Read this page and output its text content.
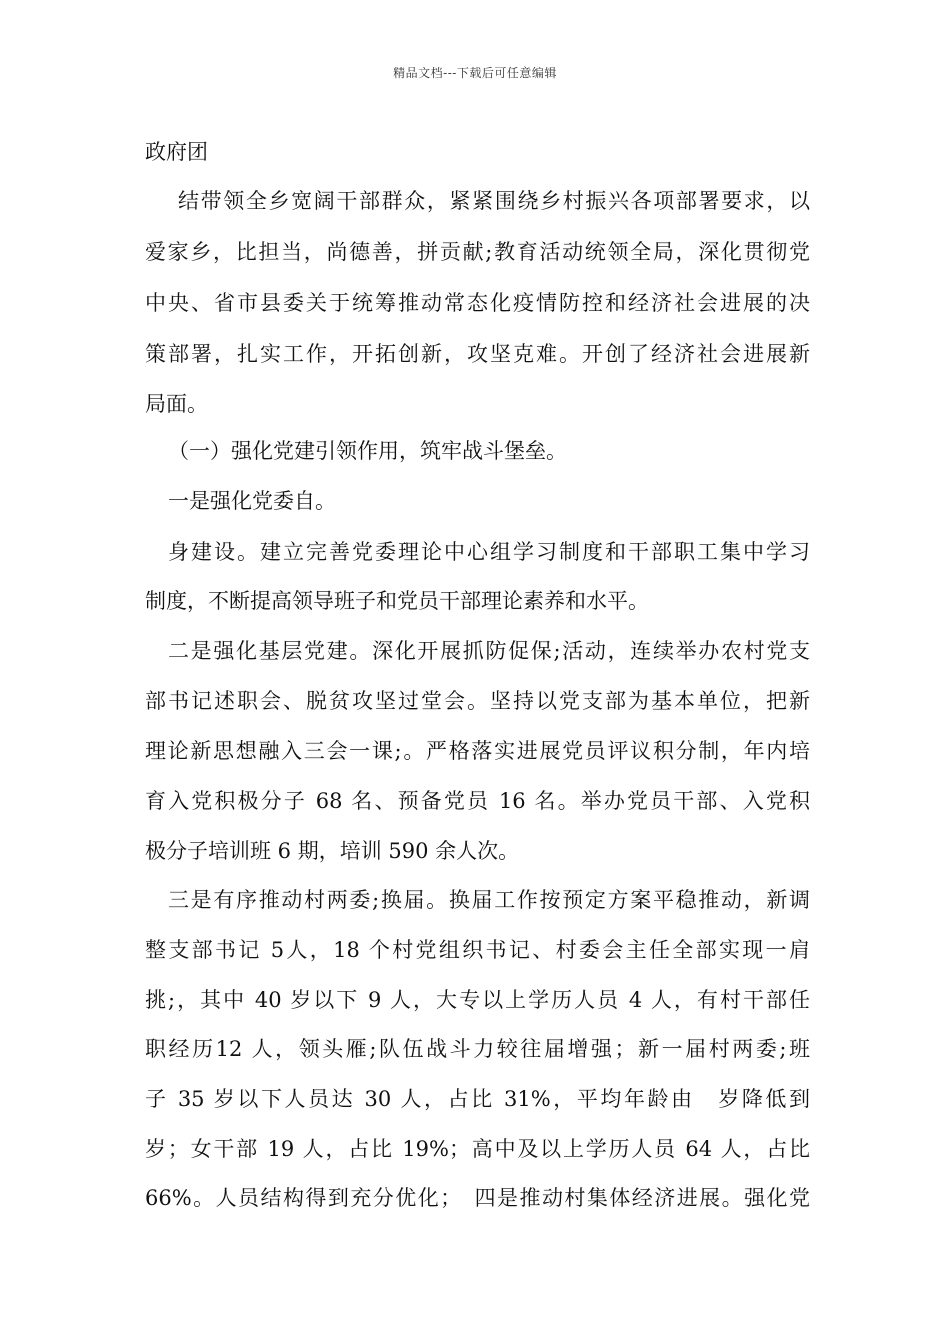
精品文档---下载后可任意编辑
政府团
结带领全乡宽阔干部群众，紧紧围绕乡村振兴各项部署要求，以
爱家乡，比担当，尚德善，拼贡献;教育活动统领全局，深化贯彻党
中央、省市县委关于统筹推动常态化疫情防控和经济社会进展的决
策部署，扎实工作，开拓创新，攻坚克难。开创了经济社会进展新
局面。
（一）强化党建引领作用，筑牢战斗堡垒。
一是强化党委自。
身建设。建立完善党委理论中心组学习制度和干部职工集中学习
制度，不断提高领导班子和党员干部理论素养和水平。
二是强化基层党建。深化开展抓防促保;活动，连续举办农村党支
部书记述职会、脱贫攻坚过堂会。坚持以党支部为基本单位，把新
理论新思想融入三会一课;。严格落实进展党员评议积分制，年内培
育入党积极分子 68 名、预备党员 16 名。举办党员干部、入党积
极分子培训班 6 期，培训 590 余人次。
三是有序推动村两委;换届。换届工作按预定方案平稳推动，新调
整支部书记 5人，18 个村党组织书记、村委会主任全部实现一肩
挑;，其中 40 岁以下 9 人，大专以上学历人员 4 人，有村干部任
职经历12 人，领头雁;队伍战斗力较往届增强；新一届村两委;班
子 35 岁以下人员达 30 人，占比 31%，平均年龄由　岁降低到
岁；女干部 19 人，占比 19%；高中及以上学历人员 64 人，占比
66%。人员结构得到充分优化；　四是推动村集体经济进展。强化党
